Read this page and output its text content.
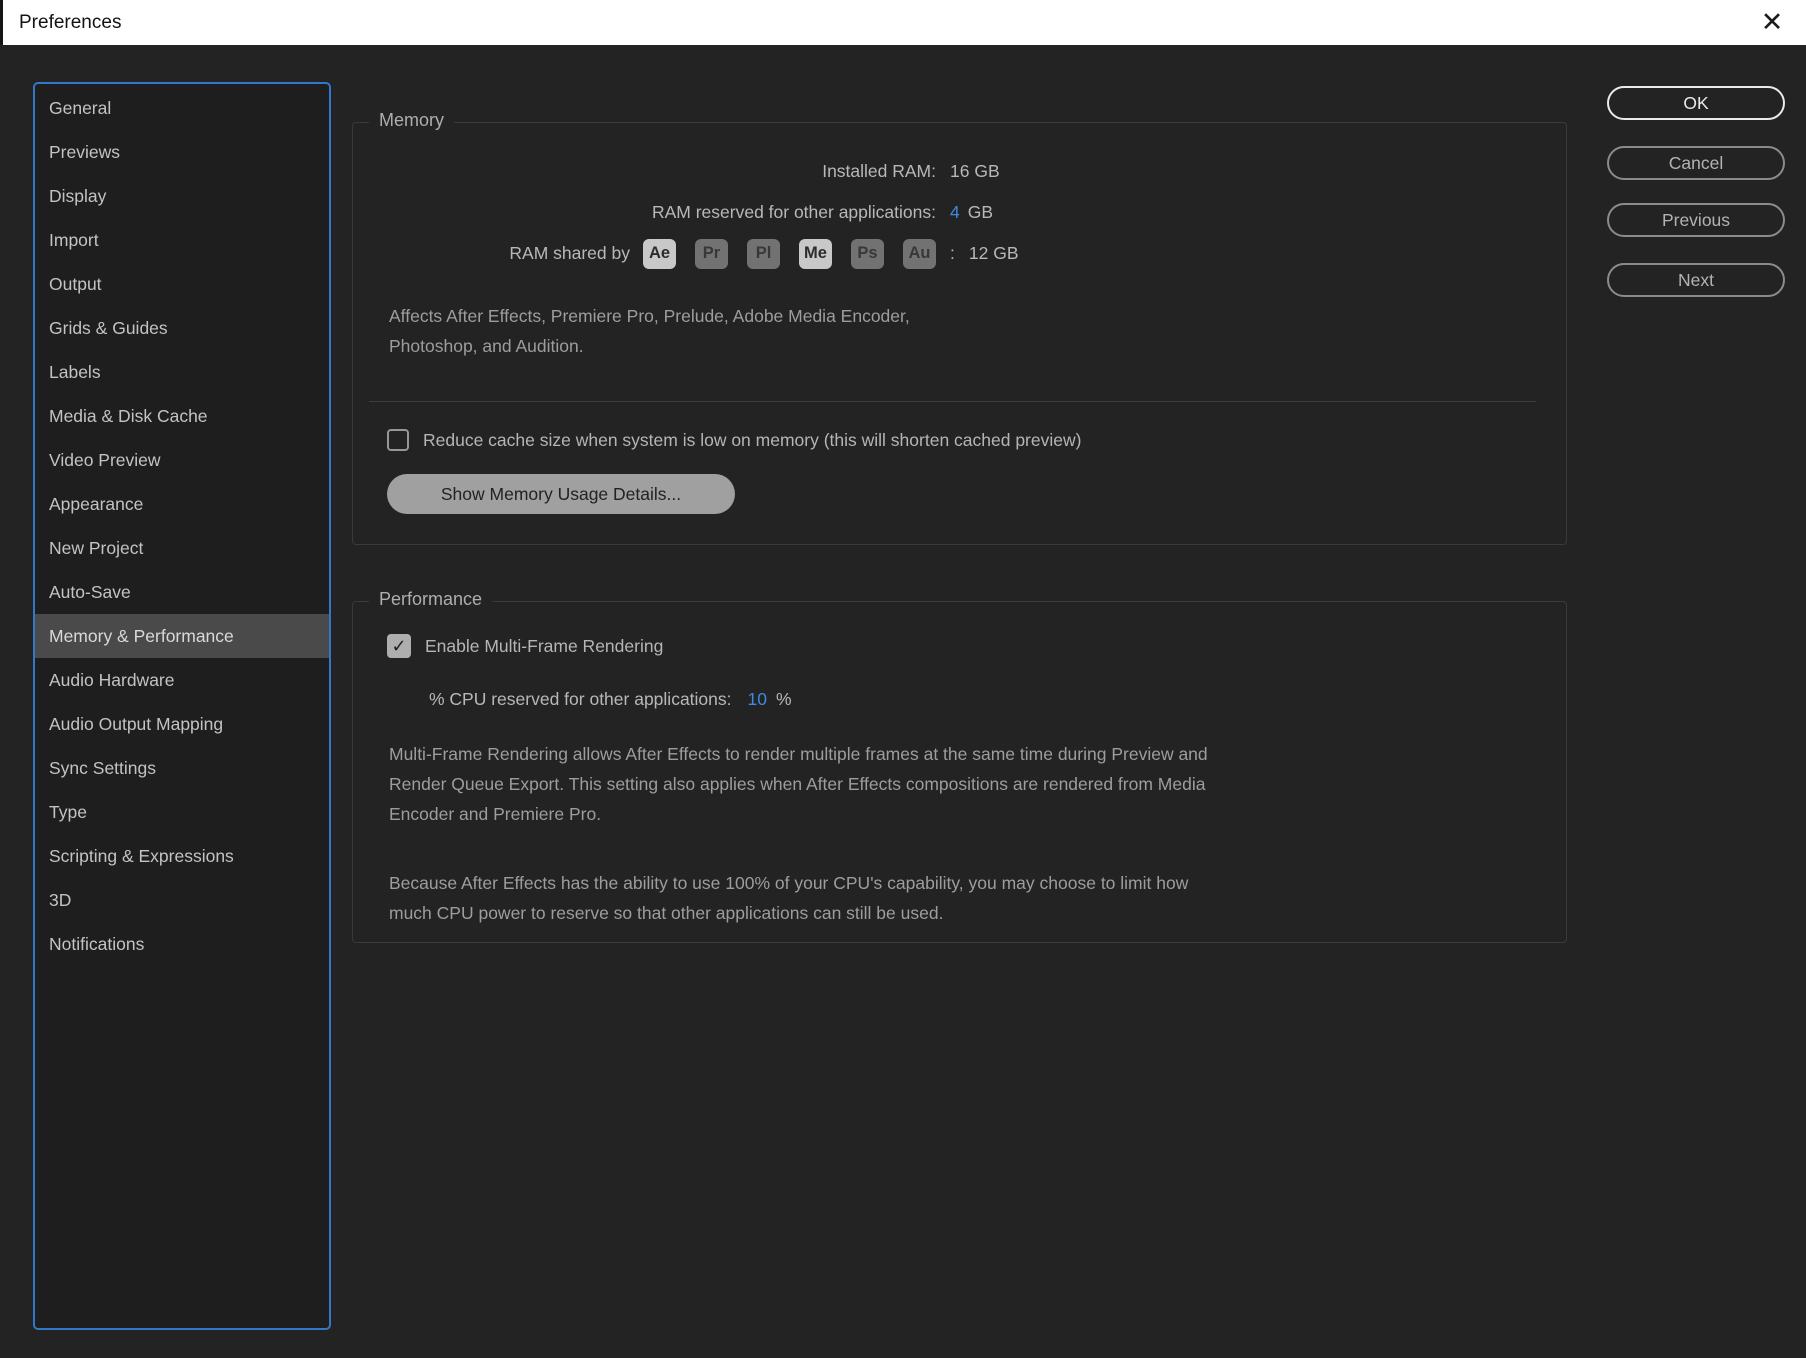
Preferences	✕
General
Previews
Display
Import
Output
Grids & Guides
Labels
Media & Disk Cache
Video Preview
Appearance
New Project
Auto-Save
Memory & Performance
Audio Hardware
Audio Output Mapping
Sync Settings
Type
Scripting & Expressions
3D
Notifications
Memory
Installed RAM: 16 GB
RAM reserved for other applications: 4 GB
RAM shared by	Ae	Pr	Pl	Me	Ps	Au	: 12 GB
Affects After Effects, Premiere Pro, Prelude, Adobe Media Encoder,
Photoshop, and Audition.
Reduce cache size when system is low on memory (this will shorten cached preview)
Show Memory Usage Details...
Performance
✓ Enable Multi-Frame Rendering
% CPU reserved for other applications: 10 %
Multi-Frame Rendering allows After Effects to render multiple frames at the same time during Preview and
Render Queue Export. This setting also applies when After Effects compositions are rendered from Media
Encoder and Premiere Pro.
Because After Effects has the ability to use 100% of your CPU's capability, you may choose to limit how
much CPU power to reserve so that other applications can still be used.
OK
Cancel
Previous
Next
